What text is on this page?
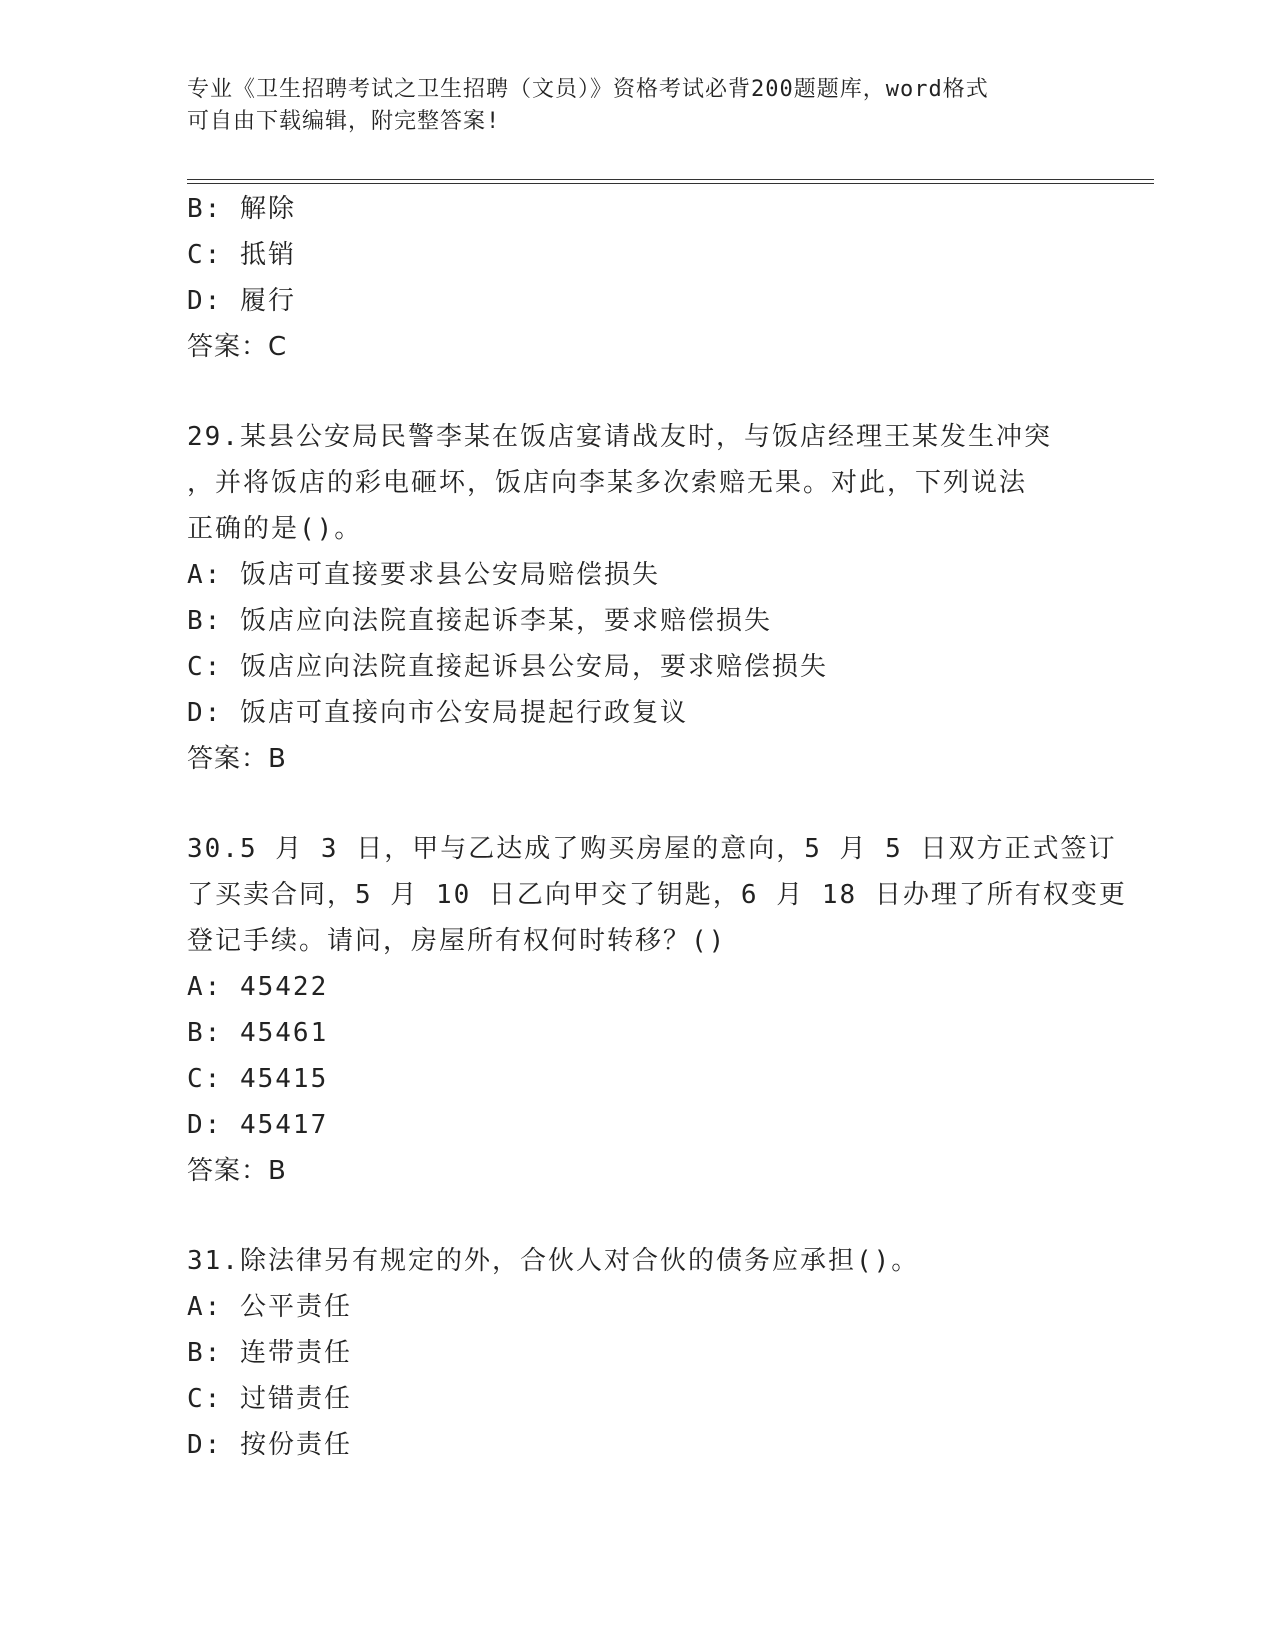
专业《卫生招聘考试之卫生招聘（文员）》资格考试必背200题题库，word格式
可自由下载编辑，附完整答案!
B: 解除
C: 抵销
D: 履行
答案：C
29.某县公安局民警李某在饭店宴请战友时，与饭店经理王某发生冲突
，并将饭店的彩电砸坏，饭店向李某多次索赔无果。对此，下列说法
正确的是()。
A: 饭店可直接要求县公安局赔偿损失
B: 饭店应向法院直接起诉李某，要求赔偿损失
C: 饭店应向法院直接起诉县公安局，要求赔偿损失
D: 饭店可直接向市公安局提起行政复议
答案：B
30.5 月 3 日，甲与乙达成了购买房屋的意向，5 月 5 日双方正式签订
了买卖合同，5 月 10 日乙向甲交了钥匙，6 月 18 日办理了所有权变更
登记手续。请问，房屋所有权何时转移？()
A: 45422
B: 45461
C: 45415
D: 45417
答案：B
31.除法律另有规定的外，合伙人对合伙的债务应承担()。
A: 公平责任
B: 连带责任
C: 过错责任
D: 按份责任
